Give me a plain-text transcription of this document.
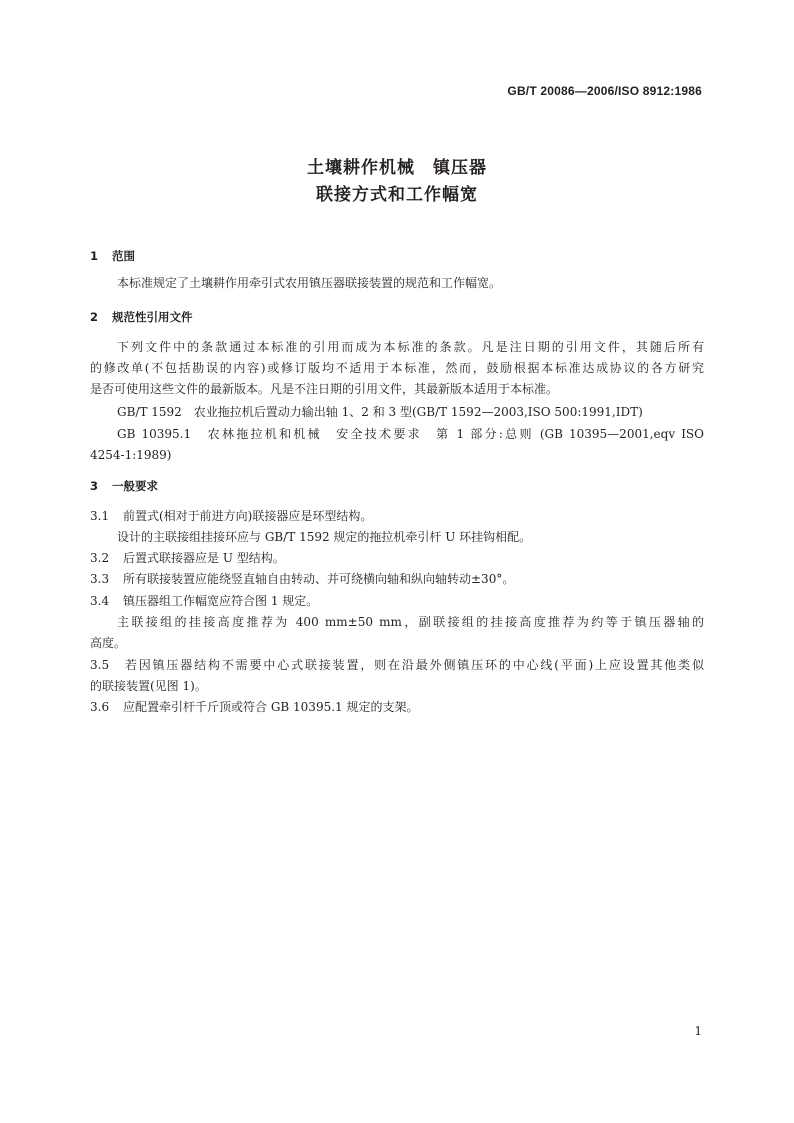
GB/T 20086—2006/ISO 8912:1986
土壤耕作机械　镇压器
联接方式和工作幅宽
1 范围
本标准规定了土壤耕作用牵引式农用镇压器联接装置的规范和工作幅宽。
2 规范性引用文件
下列文件中的条款通过本标准的引用而成为本标准的条款。凡是注日期的引用文件，其随后所有
的修改单(不包括勘误的内容)或修订版均不适用于本标准，然而，鼓励根据本标准达成协议的各方研究
是否可使用这些文件的最新版本。凡是不注日期的引用文件，其最新版本适用于本标准。
GB/T 1592　农业拖拉机后置动力输出轴 1、2 和 3 型(GB/T 1592—2003,ISO 500:1991,IDT)
GB 10395.1　农林拖拉机和机械　安全技术要求　第 1 部分:总则 (GB 10395—2001,eqv ISO
4254-1:1989)
3 一般要求
3.1 前置式(相对于前进方向)联接器应是环型结构。
设计的主联接组挂接环应与 GB/T 1592 规定的拖拉机牵引杆 U 环挂钩相配。
3.2 后置式联接器应是 U 型结构。
3.3 所有联接装置应能绕竖直轴自由转动、并可绕横向轴和纵向轴转动±30°。
3.4 镇压器组工作幅宽应符合图 1 规定。
主联接组的挂接高度推荐为 400 mm±50 mm，副联接组的挂接高度推荐为约等于镇压器轴的
高度。
3.5 若因镇压器结构不需要中心式联接装置，则在沿最外侧镇压环的中心线(平面)上应设置其他类似
的联接装置(见图 1)。
3.6 应配置牵引杆千斤顶或符合 GB 10395.1 规定的支架。
1
